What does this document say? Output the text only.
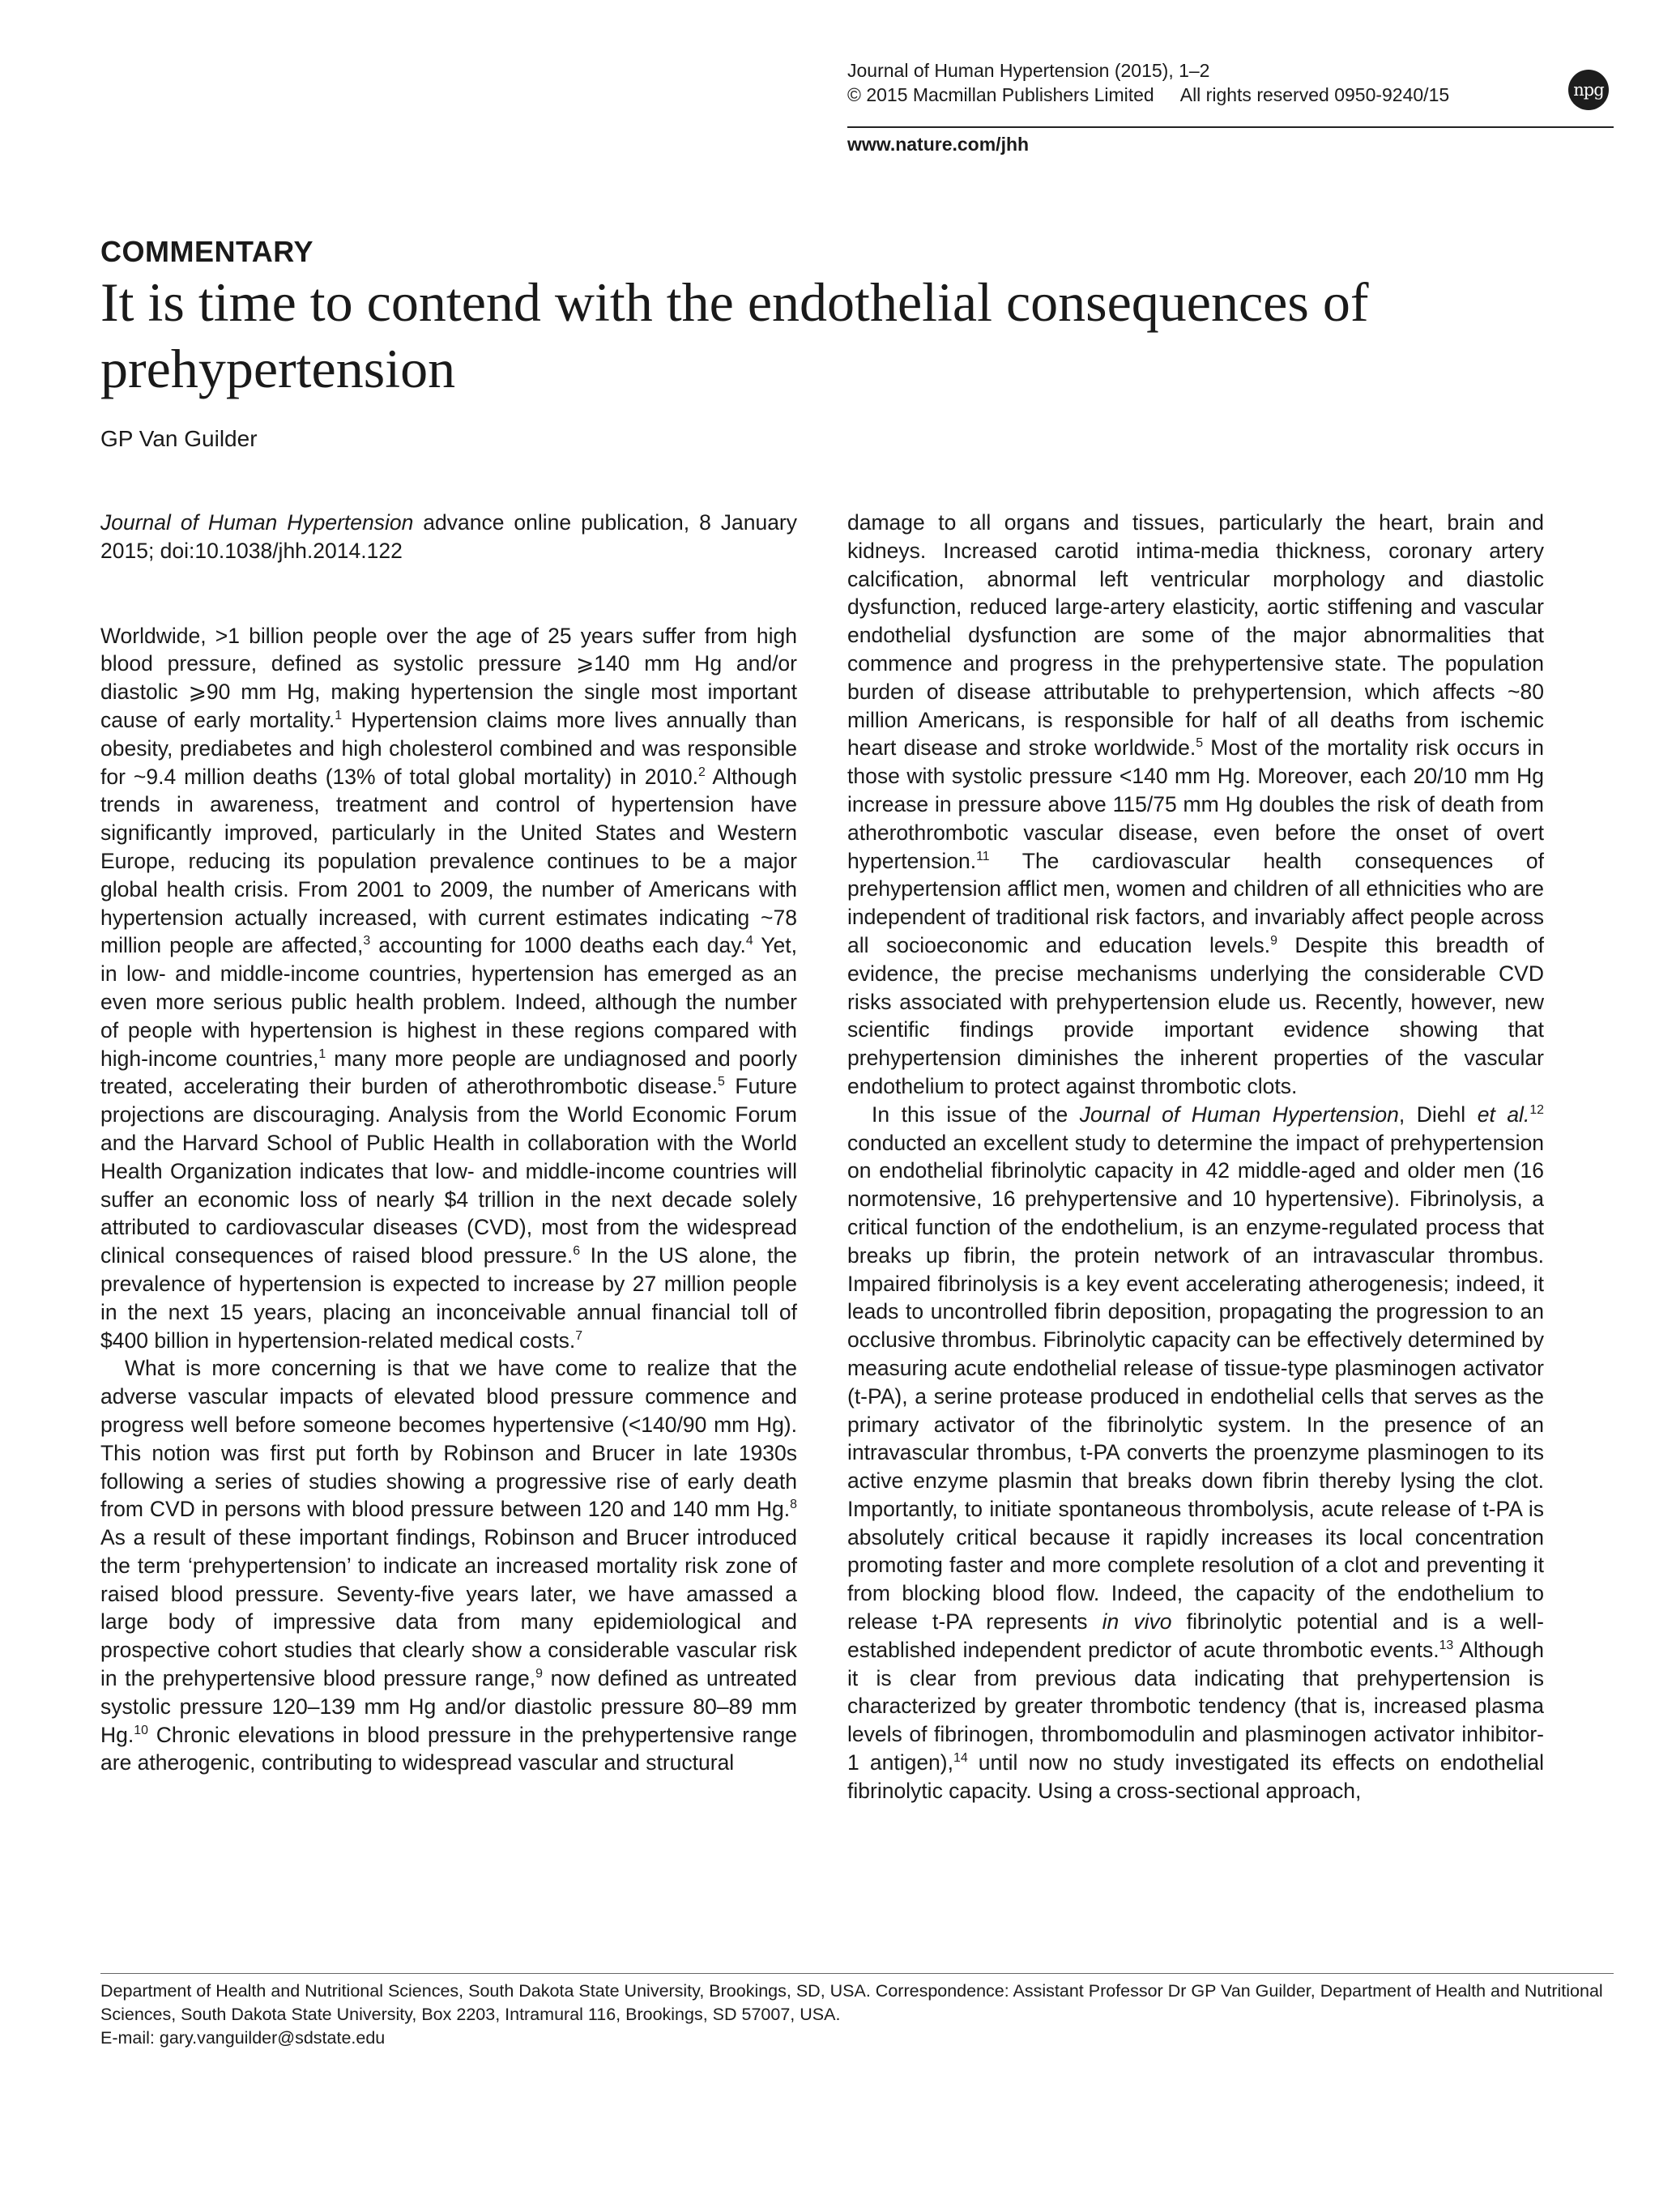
Journal of Human Hypertension (2015), 1–2
© 2015 Macmillan Publishers Limited All rights reserved 0950-9240/15	npg
www.nature.com/jhh
COMMENTARY
It is time to contend with the endothelial consequences of prehypertension
GP Van Guilder

Journal of Human Hypertension advance online publication, 8 January 2015; doi:10.1038/jhh.2014.122

Worldwide, >1 billion people over the age of 25 years suffer from high blood pressure, defined as systolic pressure ⩾140 mm Hg and/or diastolic ⩾90 mm Hg, making hypertension the single most important cause of early mortality.$^1$ Hypertension claims more lives annually than obesity, prediabetes and high cholesterol combined and was responsible for ~9.4 million deaths (13% of total global mortality) in 2010.$^2$ Although trends in awareness, treatment and control of hypertension have significantly improved, particularly in the United States and Western Europe, reducing its population prevalence continues to be a major global health crisis. From 2001 to 2009, the number of Americans with hypertension actually increased, with current estimates indicating ~78 million people are affected,$^3$ accounting for 1000 deaths each day.$^4$ Yet, in low- and middle-income countries, hypertension has emerged as an even more serious public health problem. Indeed, although the number of people with hypertension is highest in these regions compared with high-income countries,$^1$ many more people are undiagnosed and poorly treated, accelerating their burden of atherothrombotic disease.$^5$ Future projections are discouraging. Analysis from the World Economic Forum and the Harvard School of Public Health in collaboration with the World Health Organization indicates that low- and middle-income countries will suffer an economic loss of nearly $4 trillion in the next decade solely attributed to cardiovascular diseases (CVD), most from the widespread clinical consequences of raised blood pressure.$^6$ In the US alone, the prevalence of hypertension is expected to increase by 27 million people in the next 15 years, placing an inconceivable annual financial toll of $400 billion in hypertension-related medical costs.$^7$

What is more concerning is that we have come to realize that the adverse vascular impacts of elevated blood pressure commence and progress well before someone becomes hypertensive (<140/90 mm Hg). This notion was first put forth by Robinson and Brucer in late 1930s following a series of studies showing a progressive rise of early death from CVD in persons with blood pressure between 120 and 140 mm Hg.$^8$ As a result of these important findings, Robinson and Brucer introduced the term ‘prehypertension’ to indicate an increased mortality risk zone of raised blood pressure. Seventy-five years later, we have amassed a large body of impressive data from many epidemiological and prospective cohort studies that clearly show a considerable vascular risk in the prehypertensive blood pressure range,$^9$ now defined as untreated systolic pressure 120–139 mm Hg and/or diastolic pressure 80–89 mm Hg.$^{10}$ Chronic elevations in blood pressure in the prehypertensive range are atherogenic, contributing to widespread vascular and structural

damage to all organs and tissues, particularly the heart, brain and kidneys. Increased carotid intima-media thickness, coronary artery calcification, abnormal left ventricular morphology and diastolic dysfunction, reduced large-artery elasticity, aortic stiffening and vascular endothelial dysfunction are some of the major abnormalities that commence and progress in the prehypertensive state. The population burden of disease attributable to prehypertension, which affects ~80 million Americans, is responsible for half of all deaths from ischemic heart disease and stroke worldwide.$^5$ Most of the mortality risk occurs in those with systolic pressure <140 mm Hg. Moreover, each 20/10 mm Hg increase in pressure above 115/75 mm Hg doubles the risk of death from atherothrombotic vascular disease, even before the onset of overt hypertension.$^{11}$ The cardiovascular health consequences of prehypertension afflict men, women and children of all ethnicities who are independent of traditional risk factors, and invariably affect people across all socioeconomic and education levels.$^9$ Despite this breadth of evidence, the precise mechanisms underlying the considerable CVD risks associated with prehypertension elude us. Recently, however, new scientific findings provide important evidence showing that prehypertension diminishes the inherent properties of the vascular endothelium to protect against thrombotic clots.

In this issue of the Journal of Human Hypertension, Diehl et al.$^{12}$ conducted an excellent study to determine the impact of prehypertension on endothelial fibrinolytic capacity in 42 middle-aged and older men (16 normotensive, 16 prehypertensive and 10 hypertensive). Fibrinolysis, a critical function of the endothelium, is an enzyme-regulated process that breaks up fibrin, the protein network of an intravascular thrombus. Impaired fibrinolysis is a key event accelerating atherogenesis; indeed, it leads to uncontrolled fibrin deposition, propagating the progression to an occlusive thrombus. Fibrinolytic capacity can be effectively determined by measuring acute endothelial release of tissue-type plasminogen activator (t-PA), a serine protease produced in endothelial cells that serves as the primary activator of the fibrinolytic system. In the presence of an intravascular thrombus, t-PA converts the proenzyme plasminogen to its active enzyme plasmin that breaks down fibrin thereby lysing the clot. Importantly, to initiate spontaneous thrombolysis, acute release of t-PA is absolutely critical because it rapidly increases its local concentration promoting faster and more complete resolution of a clot and preventing it from blocking blood flow. Indeed, the capacity of the endothelium to release t-PA represents in vivo fibrinolytic potential and is a well-established independent predictor of acute thrombotic events.$^{13}$ Although it is clear from previous data indicating that prehypertension is characterized by greater thrombotic tendency (that is, increased plasma levels of fibrinogen, thrombomodulin and plasminogen activator inhibitor-1 antigen),$^{14}$ until now no study investigated its effects on endothelial fibrinolytic capacity. Using a cross-sectional approach,

Department of Health and Nutritional Sciences, South Dakota State University, Brookings, SD, USA. Correspondence: Assistant Professor Dr GP Van Guilder, Department of Health and Nutritional Sciences, South Dakota State University, Box 2203, Intramural 116, Brookings, SD 57007, USA.

E-mail: gary.vanguilder@sdstate.edu
